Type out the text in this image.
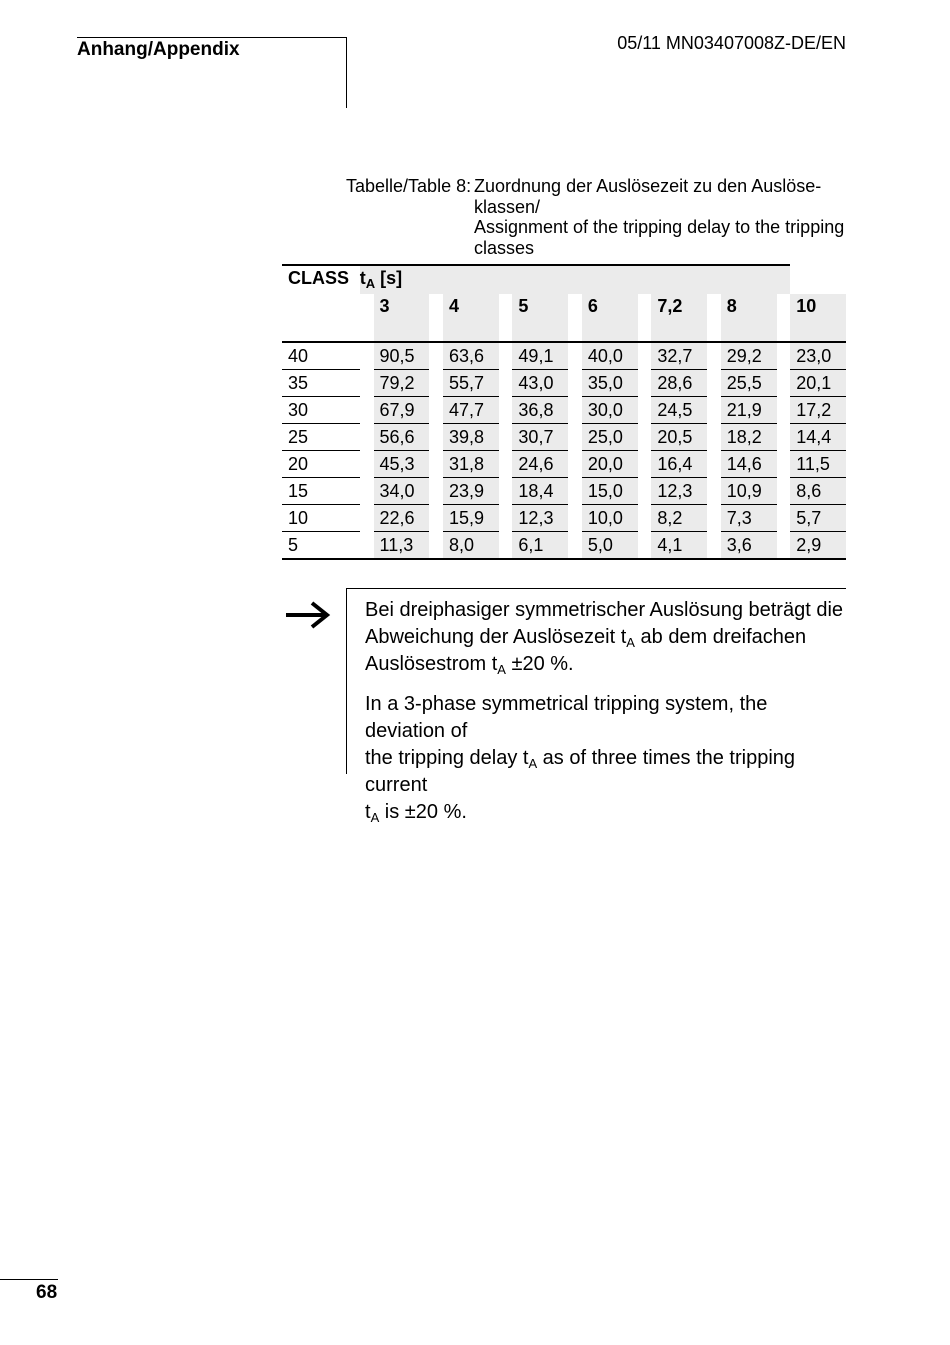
Anhang/Appendix	05/11 MN03407008Z-DE/EN
Tabelle/Table 8: Zuordnung der Auslösezeit zu den Auslöse-
klassen/
Assignment of the tripping delay to the tripping
classes
CLASS	$t_A$ [s]													
		3		4		5		6		7,2		8		10
40		90,5		63,6		49,1		40,0		32,7		29,2		23,0
35		79,2		55,7		43,0		35,0		28,6		25,5		20,1
30		67,9		47,7		36,8		30,0		24,5		21,9		17,2
25		56,6		39,8		30,7		25,0		20,5		18,2		14,4
20		45,3		31,8		24,6		20,0		16,4		14,6		11,5
15		34,0		23,9		18,4		15,0		12,3		10,9		8,6
10		22,6		15,9		12,3		10,0		8,2		7,3		5,7
5		11,3		8,0		6,1		5,0		4,1		3,6		2,9

Bei dreiphasiger symmetrischer Auslösung beträgt die
Abweichung der Auslösezeit $t_A$ ab dem dreifachen
Auslösestrom $t_A \pm 20$ %.

In a 3-phase symmetrical tripping system, the deviation of
the tripping delay $t_A$ as of three times the tripping current
$t_A$ is ±20 %.

68
